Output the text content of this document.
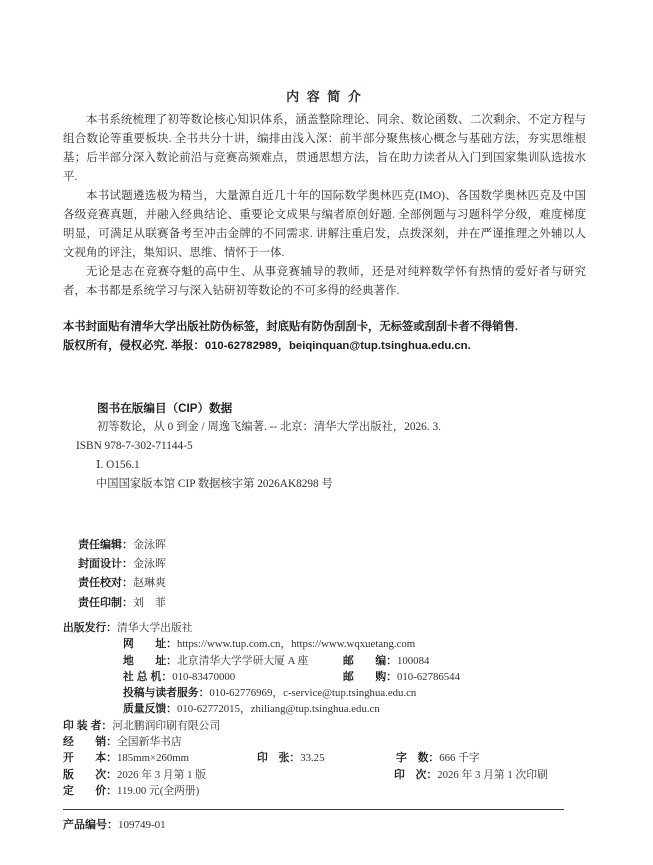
内 容 简 介

本书系统梳理了初等数论核心知识体系，涵盖整除理论、同余、数论函数、二次剩余、不定方程与组合数论等重要板块. 全书共分十讲，编排由浅入深：前半部分聚焦核心概念与基础方法，夯实思维根基；后半部分深入数论前沿与竞赛高频难点，贯通思想方法，旨在助力读者从入门到国家集训队选拔水平.

本书试题遴选极为精当，大量源自近几十年的国际数学奥林匹克(IMO)、各国数学奥林匹克及中国各级竞赛真题，并融入经典结论、重要论文成果与编者原创好题. 全部例题与习题科学分级，难度梯度明显，可满足从联赛备考至冲击金牌的不同需求. 讲解注重启发，点拨深刻，并在严谨推理之外辅以人文视角的评注，集知识、思维、情怀于一体.

无论是志在竞赛夺魁的高中生、从事竞赛辅导的教师，还是对纯粹数学怀有热情的爱好者与研究者，本书都是系统学习与深入钻研初等数论的不可多得的经典著作.

本书封面贴有清华大学出版社防伪标签，封底贴有防伪刮刮卡，无标签或刮刮卡者不得销售.
版权所有，侵权必究. 举报：010-62782989，beiqinquan@tup.tsinghua.edu.cn.
图书在版编目（CIP）数据
初等数论，从 0 到金 / 周逸飞编著. -- 北京：清华大学出版社，2026. 3.
ISBN 978-7-302-71144-5
Ⅰ. O156.1
中国国家版本馆 CIP 数据核字第 2026AK8298 号
责任编辑：金泳晖
封面设计：金泳晖
责任校对：赵琳爽
责任印制：刘　菲
出版发行：清华大学出版社
网　　址：https://www.tup.com.cn，https://www.wqxuetang.com
地　　址：北京清华大学学研大厦 A 座	邮　　编：100084
社 总 机：010-83470000	邮　　购：010-62786544
投稿与读者服务：010-62776969，c-service@tup.tsinghua.edu.cn
质量反馈：010-62772015，zhiliang@tup.tsinghua.edu.cn
印 装 者：河北鹏润印刷有限公司
经　　销：全国新华书店
开　　本：185mm×260mm	印　张：33.25	字　数：666 千字
版　　次：2026 年 3 月第 1 版	印　次：2026 年 3 月第 1 次印刷
定　　价：119.00 元(全两册)
产品编号：109749-01
